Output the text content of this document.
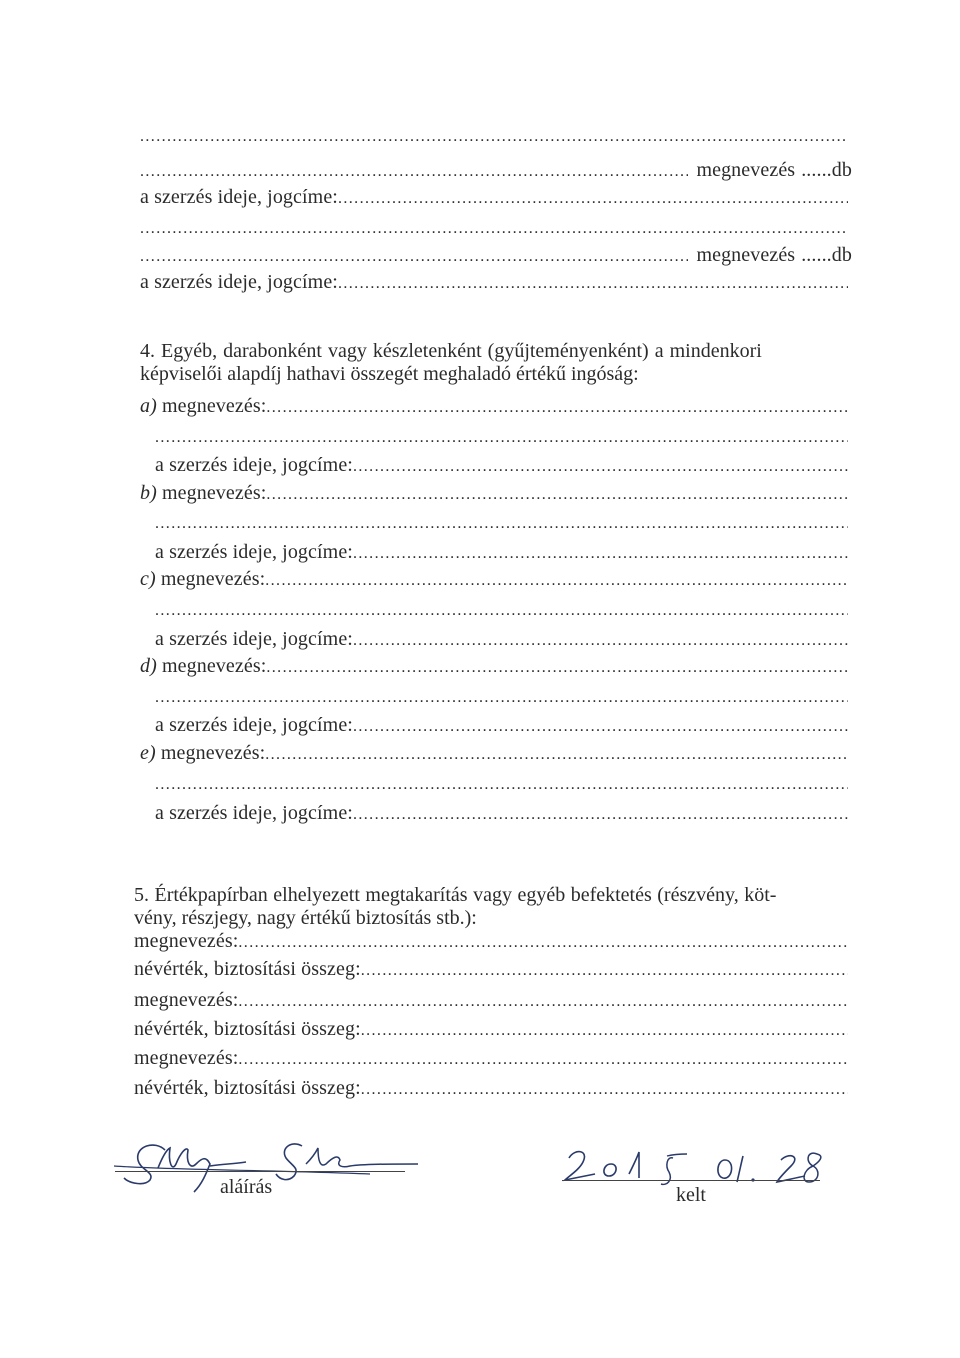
.....
.....
megnevezés ......db
a szerzés ideje, jogcíme:
.....
.....
.....
megnevezés ......db
a szerzés ideje, jogcíme:
.....
4. Egyéb, darabonként vagy készletenként (gyűjteményenként) a mindenkori
képviselői alapdíj hathavi összegét meghaladó értékű ingóság:
a) megnevezés:
.....
.....
a szerzés ideje, jogcíme:
.....
b) megnevezés:
.....
.....
a szerzés ideje, jogcíme:
.....
c) megnevezés:
.....
.....
a szerzés ideje, jogcíme:
.....
d) megnevezés:
.....
.....
a szerzés ideje, jogcíme:
.....
e) megnevezés:
.....
.....
a szerzés ideje, jogcíme:
.....
5. Értékpapírban elhelyezett megtakarítás vagy egyéb befektetés (részvény, köt-
vény, részjegy, nagy értékű biztosítás stb.):
megnevezés:
.....
névérték, biztosítási összeg:
.....
megnevezés:
.....
névérték, biztosítási összeg:
.....
megnevezés:
.....
névérték, biztosítási összeg:
.....
aláírás	kelt
